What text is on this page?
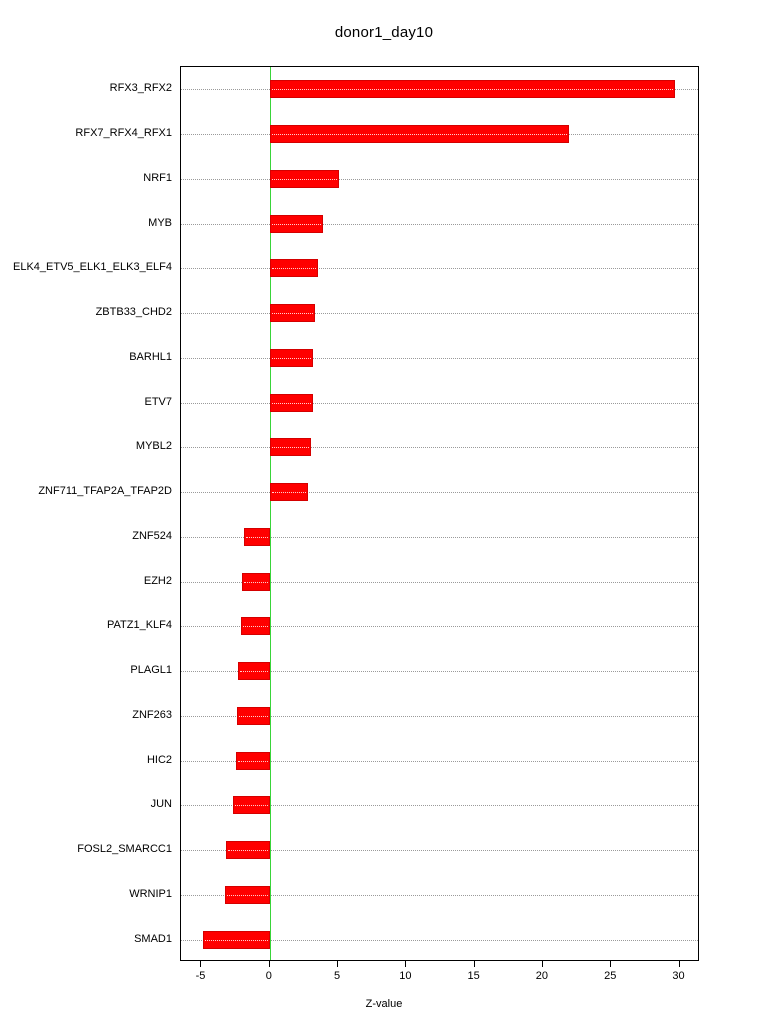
donor1_day10
RFX3_RFX2
RFX7_RFX4_RFX1
NRF1
MYB
ELK4_ETV5_ELK1_ELK3_ELF4
ZBTB33_CHD2
BARHL1
ETV7
MYBL2
ZNF711_TFAP2A_TFAP2D
ZNF524
EZH2
PATZ1_KLF4
PLAGL1
ZNF263
HIC2
JUN
FOSL2_SMARCC1
WRNIP1
SMAD1
-5	0	5	10	15	20	25	30
Z-value
